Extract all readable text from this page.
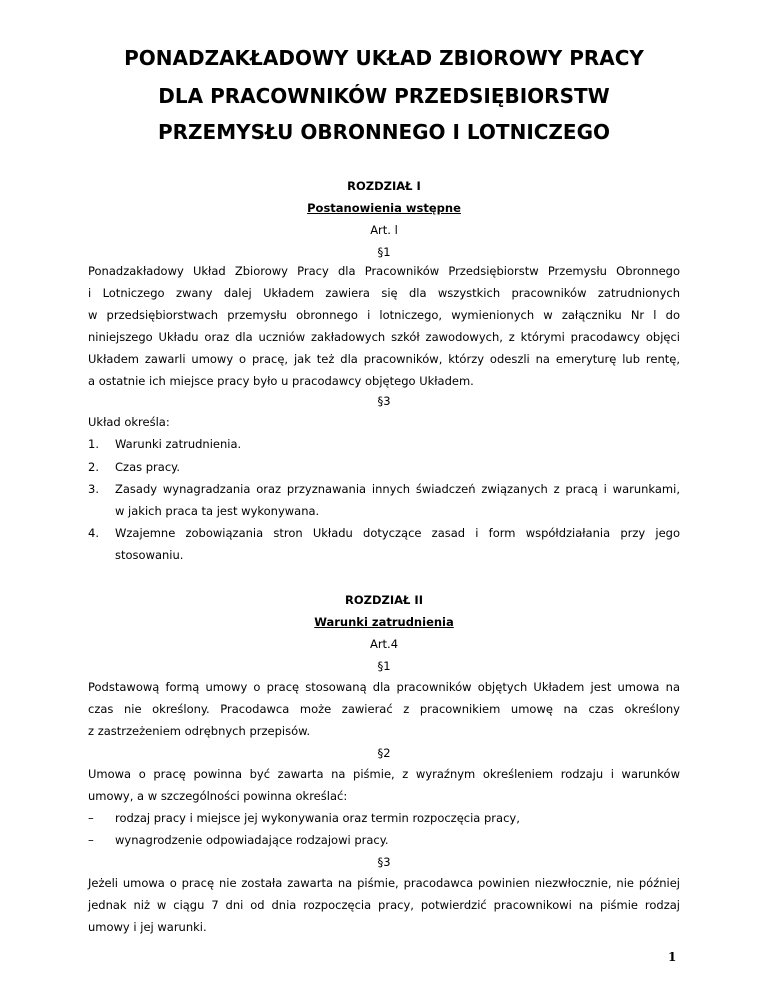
PONADZAKŁADOWY UKŁAD ZBIOROWY PRACY
DLA PRACOWNIKÓW PRZEDSIĘBIORSTW
PRZEMYSŁU OBRONNEGO I LOTNICZEGO
ROZDZIAŁ I
Postanowienia wstępne
Art. l
§1

Ponadzakładowy Układ Zbiorowy Pracy dla Pracowników Przedsiębiorstw Przemysłu Obronnego
i Lotniczego zwany dalej Układem zawiera się dla wszystkich pracowników zatrudnionych
w przedsiębiorstwach przemysłu obronnego i lotniczego, wymienionych w załączniku Nr l do
niniejszego Układu oraz dla uczniów zakładowych szkół zawodowych, z którymi pracodawcy objęci
Układem zawarli umowy o pracę, jak też dla pracowników, którzy odeszli na emeryturę lub rentę,
a ostatnie ich miejsce pracy było u pracodawcy objętego Układem.

§3
Układ określa:
1. Warunki zatrudnienia.
2. Czas pracy.
3. Zasady wynagradzania oraz przyznawania innych świadczeń związanych z pracą i warunkami,
w jakich praca ta jest wykonywana.
4. Wzajemne zobowiązania stron Układu dotyczące zasad i form współdziałania przy jego
stosowaniu.
ROZDZIAŁ II
Warunki zatrudnienia
Art.4
§1

Podstawową formą umowy o pracę stosowaną dla pracowników objętych Układem jest umowa na
czas nie określony. Pracodawca może zawierać z pracownikiem umowę na czas określony
z zastrzeżeniem odrębnych przepisów.

§2

Umowa o pracę powinna być zawarta na piśmie, z wyraźnym określeniem rodzaju i warunków
umowy, a w szczególności powinna określać:

– rodzaj pracy i miejsce jej wykonywania oraz termin rozpoczęcia pracy,
– wynagrodzenie odpowiadające rodzajowi pracy.
§3

Jeżeli umowa o pracę nie została zawarta na piśmie, pracodawca powinien niezwłocznie, nie później
jednak niż w ciągu 7 dni od dnia rozpoczęcia pracy, potwierdzić pracownikowi na piśmie rodzaj
umowy i jej warunki.

1
